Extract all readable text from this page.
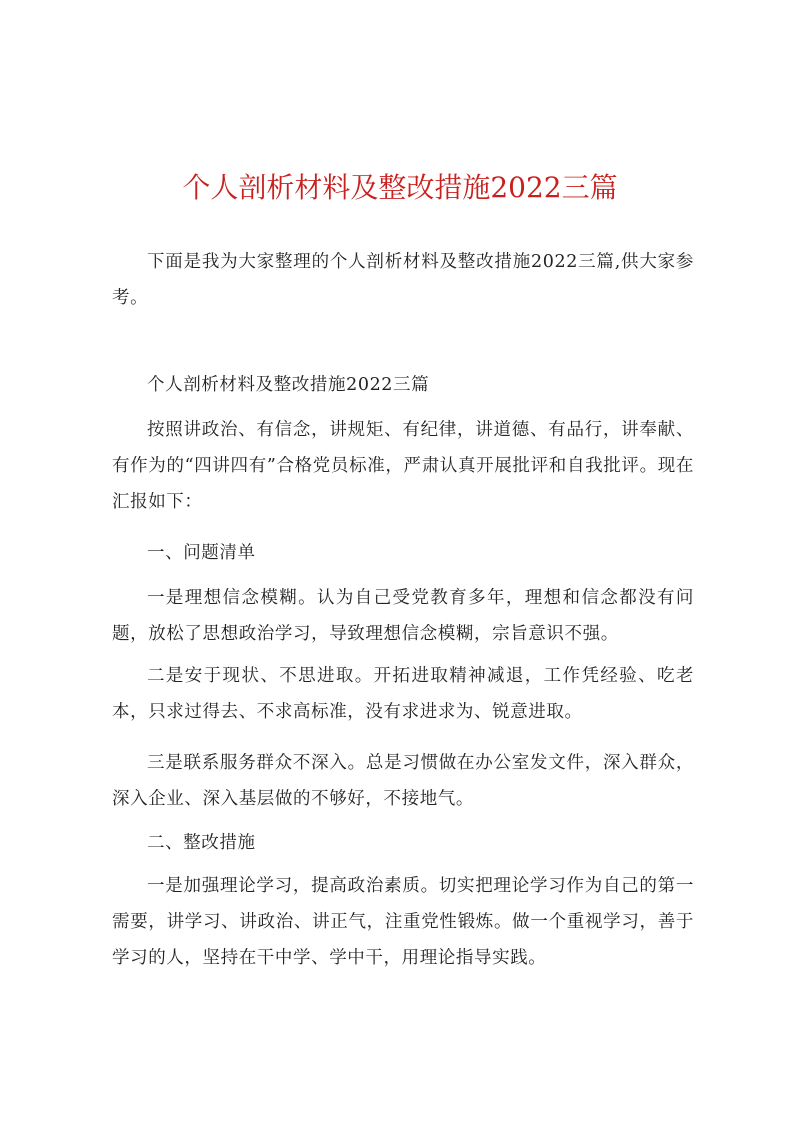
个人剖析材料及整改措施2022三篇

下面是我为大家整理的个人剖析材料及整改措施2022三篇,供大家参考。

个人剖析材料及整改措施2022三篇

按照讲政治、有信念，讲规矩、有纪律，讲道德、有品行，讲奉献、有作为的“四讲四有”合格党员标准，严肃认真开展批评和自我批评。现在汇报如下：

一、问题清单

一是理想信念模糊。认为自己受党教育多年，理想和信念都没有问题，放松了思想政治学习，导致理想信念模糊，宗旨意识不强。

二是安于现状、不思进取。开拓进取精神减退，工作凭经验、吃老本，只求过得去、不求高标准，没有求进求为、锐意进取。

三是联系服务群众不深入。总是习惯做在办公室发文件，深入群众，深入企业、深入基层做的不够好，不接地气。

二、整改措施

一是加强理论学习，提高政治素质。切实把理论学习作为自己的第一需要，讲学习、讲政治、讲正气，注重党性锻炼。做一个重视学习，善于学习的人，坚持在干中学、学中干，用理论指导实践。
